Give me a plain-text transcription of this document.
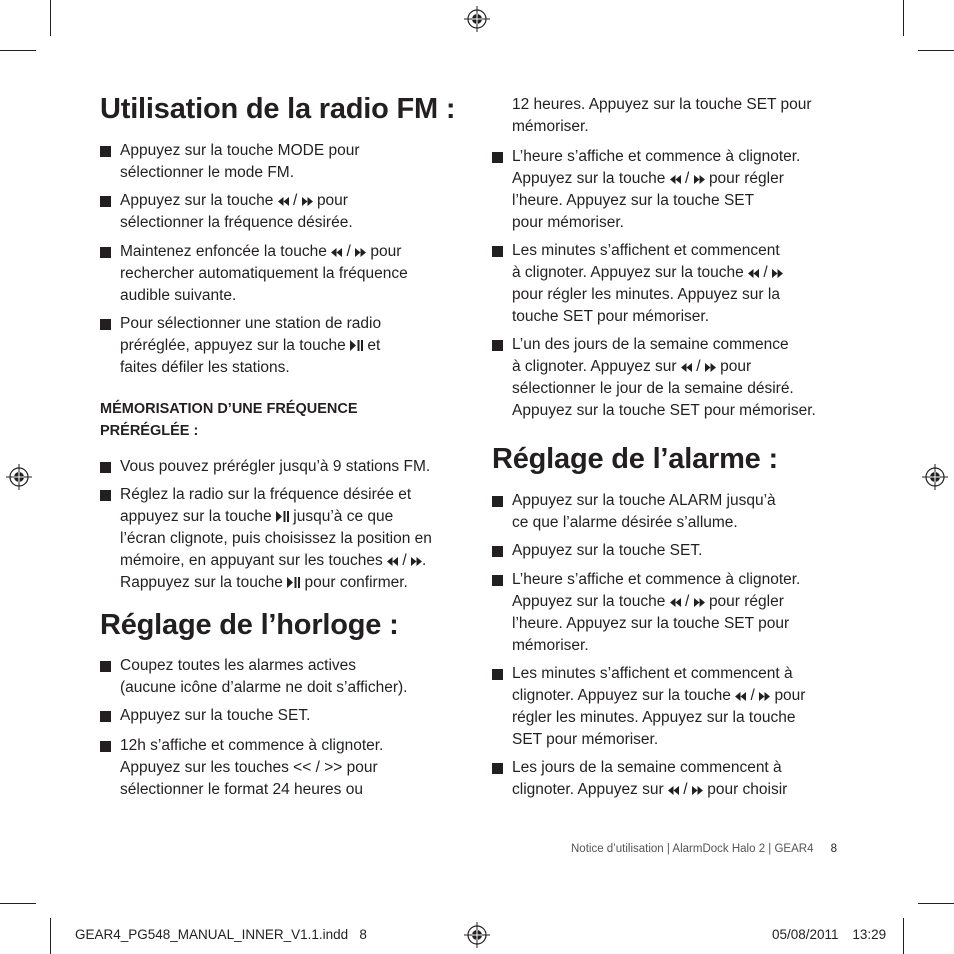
Utilisation de la radio FM :
Appuyez sur la touche MODE pour
sélectionner le mode FM.
Appuyez sur la touche / pour
sélectionner la fréquence désirée.
Maintenez enfoncée la touche / pour
rechercher automatiquement la fréquence
audible suivante.
Pour sélectionner une station de radio
préréglée, appuyez sur la touche et
faites défiler les stations.
MÉMORISATION D’UNE FRÉQUENCE
PRÉRÉGLÉE :
Vous pouvez prérégler jusqu’à 9 stations FM.
Réglez la radio sur la fréquence désirée et
appuyez sur la touche jusqu’à ce que
l’écran clignote, puis choisissez la position en
mémoire, en appuyant sur les touches / .
Rappuyez sur la touche pour confirmer.
Réglage de l’horloge :
Coupez toutes les alarmes actives
(aucune icône d’alarme ne doit s’afficher).
Appuyez sur la touche SET.
12h s’affiche et commence à clignoter.
Appuyez sur les touches << / >> pour
sélectionner le format 24 heures ou
12 heures. Appuyez sur la touche SET pour
mémoriser.
L’heure s’affiche et commence à clignoter.
Appuyez sur la touche / pour régler
l’heure. Appuyez sur la touche SET
pour mémoriser.
Les minutes s’affichent et commencent
à clignoter. Appuyez sur la touche /

pour régler les minutes. Appuyez sur la
touche SET pour mémoriser.
L’un des jours de la semaine commence
à clignoter. Appuyez sur / pour
sélectionner le jour de la semaine désiré.
Appuyez sur la touche SET pour mémoriser.
Réglage de l’alarme :
Appuyez sur la touche ALARM jusqu’à
ce que l’alarme désirée s’allume.
Appuyez sur la touche SET.
L’heure s’affiche et commence à clignoter.
Appuyez sur la touche / pour régler
l’heure. Appuyez sur la touche SET pour
mémoriser.
Les minutes s’affichent et commencent à
clignoter. Appuyez sur la touche / pour
régler les minutes. Appuyez sur la touche
SET pour mémoriser.
Les jours de la semaine commencent à
clignoter. Appuyez sur / pour choisir
Notice d’utilisation | AlarmDock Halo 2 | GEAR4 8
GEAR4_PG548_MANUAL_INNER_V1.1.indd   8	05/08/2011 13:29
